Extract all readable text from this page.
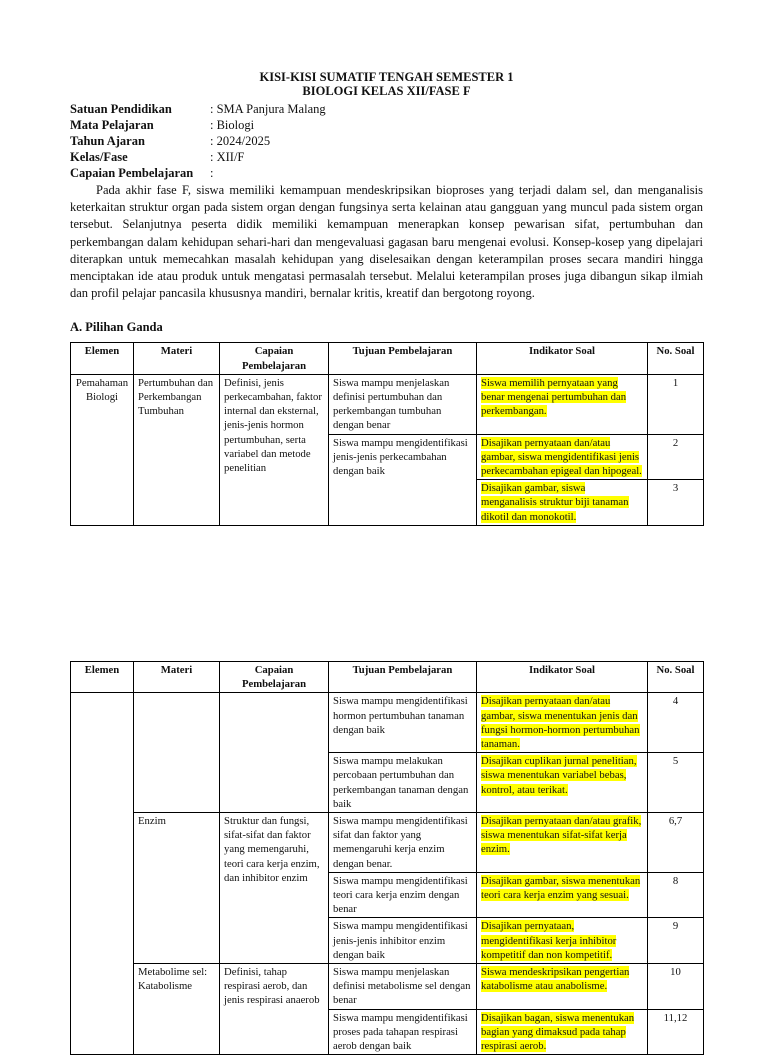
KISI-KISI SUMATIF TENGAH SEMESTER 1
BIOLOGI KELAS XII/FASE F
Satuan Pendidikan	: SMA Panjura Malang
Mata Pelajaran	: Biologi
Tahun Ajaran	: 2024/2025
Kelas/Fase	: XII/F
Capaian Pembelajaran	:
Pada akhir fase F, siswa memiliki kemampuan mendeskripsikan bioproses yang terjadi dalam sel, dan menganalisis keterkaitan struktur organ pada sistem organ dengan fungsinya serta kelainan atau gangguan yang muncul pada sistem organ tersebut. Selanjutnya peserta didik memiliki kemampuan menerapkan konsep pewarisan sifat, pertumbuhan dan perkembangan dalam kehidupan sehari-hari dan mengevaluasi gagasan baru mengenai evolusi. Konsep-kosep yang dipelajari diterapkan untuk memecahkan masalah kehidupan yang diselesaikan dengan keterampilan proses secara mandiri hingga menciptakan ide atau produk untuk mengatasi permasalah tersebut. Melalui keterampilan proses juga dibangun sikap ilmiah dan profil pelajar pancasila khususnya mandiri, bernalar kritis, kreatif dan bergotong royong.
A. Pilihan Ganda
Elemen	Materi	Capaian Pembelajaran	Tujuan Pembelajaran	Indikator Soal	No. Soal
Pemahaman Biologi	Pertumbuhan dan Perkembangan Tumbuhan	Definisi, jenis perkecambahan, faktor internal dan eksternal, jenis-jenis hormon pertumbuhan, serta variabel dan metode penelitian	Siswa mampu menjelaskan definisi pertumbuhan dan perkembangan tumbuhan dengan benar	Siswa memilih pernyataan yang benar mengenai pertumbuhan dan perkembangan.	1
			Siswa mampu mengidentifikasi jenis-jenis perkecambahan dengan baik	Disajikan pernyataan dan/atau gambar, siswa mengidentifikasi jenis perkecambahan epigeal dan hipogeal.	2
				Disajikan gambar, siswa menganalisis struktur biji tanaman dikotil dan monokotil.	3
Elemen	Materi	Capaian Pembelajaran	Tujuan Pembelajaran	Indikator Soal	No. Soal
			Siswa mampu mengidentifikasi hormon pertumbuhan tanaman dengan baik	Disajikan pernyataan dan/atau gambar, siswa menentukan jenis dan fungsi hormon-hormon pertumbuhan tanaman.	4
			Siswa mampu melakukan percobaan pertumbuhan dan perkembangan tanaman dengan baik	Disajikan cuplikan jurnal penelitian, siswa menentukan variabel bebas, kontrol, atau terikat.	5
	Enzim	Struktur dan fungsi, sifat-sifat dan faktor yang memengaruhi, teori cara kerja enzim, dan inhibitor enzim	Siswa mampu mengidentifikasi sifat dan faktor yang memengaruhi kerja enzim dengan benar.	Disajikan pernyataan dan/atau grafik, siswa menentukan sifat-sifat kerja enzim.	6,7
			Siswa mampu mengidentifikasi teori cara kerja enzim dengan benar	Disajikan gambar, siswa menentukan teori cara kerja enzim yang sesuai.	8
			Siswa mampu mengidentifikasi jenis-jenis inhibitor enzim dengan baik	Disajikan pernyataan, mengidentifikasi kerja inhibitor kompetitif dan non kompetitif.	9
	Metabolime sel: Katabolisme	Definisi, tahap respirasi aerob, dan jenis respirasi anaerob	Siswa mampu menjelaskan definisi metabolisme sel dengan benar	Siswa mendeskripsikan pengertian katabolisme atau anabolisme.	10
			Siswa mampu mengidentifikasi proses pada tahapan respirasi aerob dengan baik	Disajikan bagan, siswa menentukan bagian yang dimaksud pada tahap respirasi aerob.	11,12
